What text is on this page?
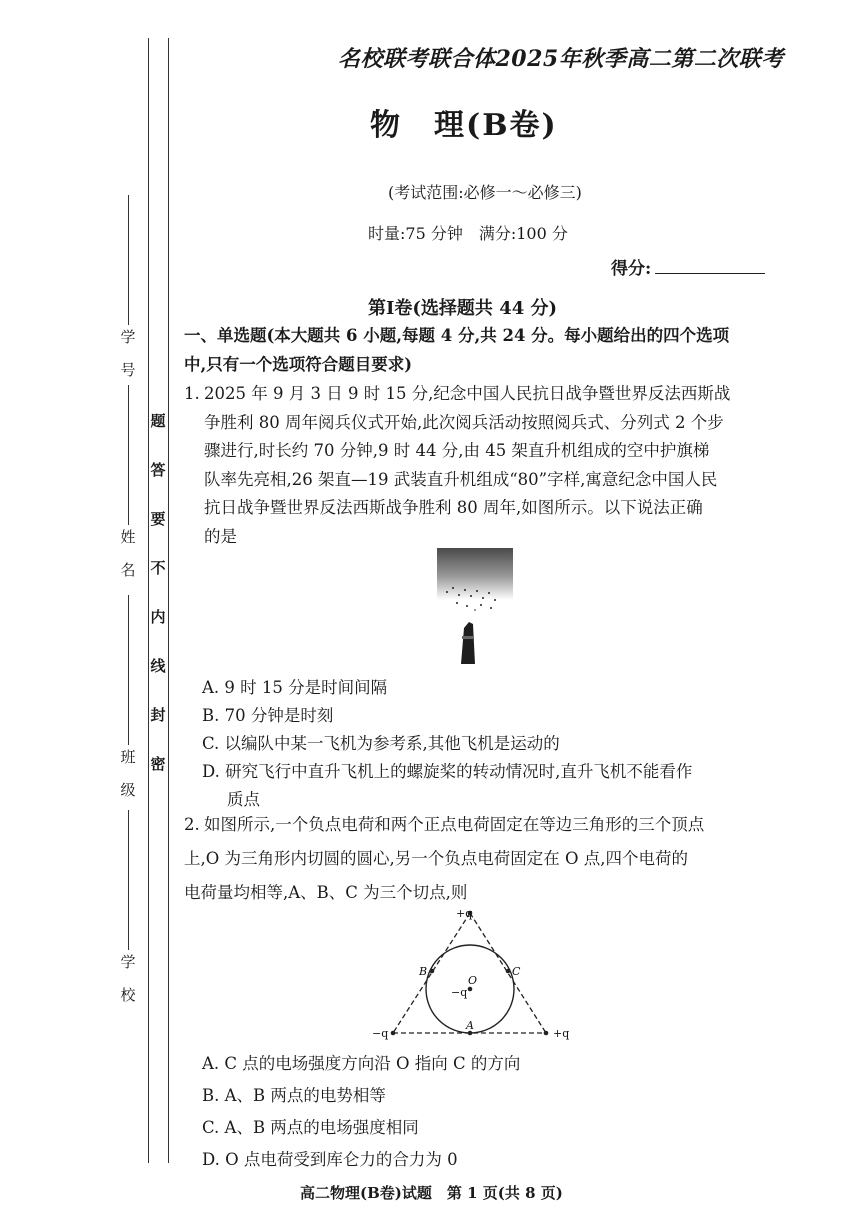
学
号
姓
名
班
级
学
校
题
答
要
不
内
线
封
密
名校联考联合体2025年秋季高二第二次联考
物　理(B卷)
(考试范围:必修一～必修三)
时量:75 分钟　满分:100 分
得分:
第Ⅰ卷(选择题共 44 分)
一、单选题(本大题共 6 小题,每题 4 分,共 24 分。每小题给出的四个选项
中,只有一个选项符合题目要求)
1. 2025 年 9 月 3 日 9 时 15 分,纪念中国人民抗日战争暨世界反法西斯战
争胜利 80 周年阅兵仪式开始,此次阅兵活动按照阅兵式、分列式 2 个步
骤进行,时长约 70 分钟,9 时 44 分,由 45 架直升机组成的空中护旗梯
队率先亮相,26 架直—19 武装直升机组成“80”字样,寓意纪念中国人民
抗日战争暨世界反法西斯战争胜利 80 周年,如图所示。以下说法正确
的是
A. 9 时 15 分是时间间隔
B. 70 分钟是时刻
C. 以编队中某一飞机为参考系,其他飞机是运动的
D. 研究飞行中直升飞机上的螺旋桨的转动情况时,直升飞机不能看作
质点
2. 如图所示,一个负点电荷和两个正点电荷固定在等边三角形的三个顶点
上,O 为三角形内切圆的圆心,另一个负点电荷固定在 O 点,四个电荷的
电荷量均相等,A、B、C 为三个切点,则
+q
−q	+q
−q
O
A
B	C
A. C 点的电场强度方向沿 O 指向 C 的方向
B. A、B 两点的电势相等
C. A、B 两点的电场强度相同
D. O 点电荷受到库仑力的合力为 0
高二物理(B卷)试题　第 1 页(共 8 页)
